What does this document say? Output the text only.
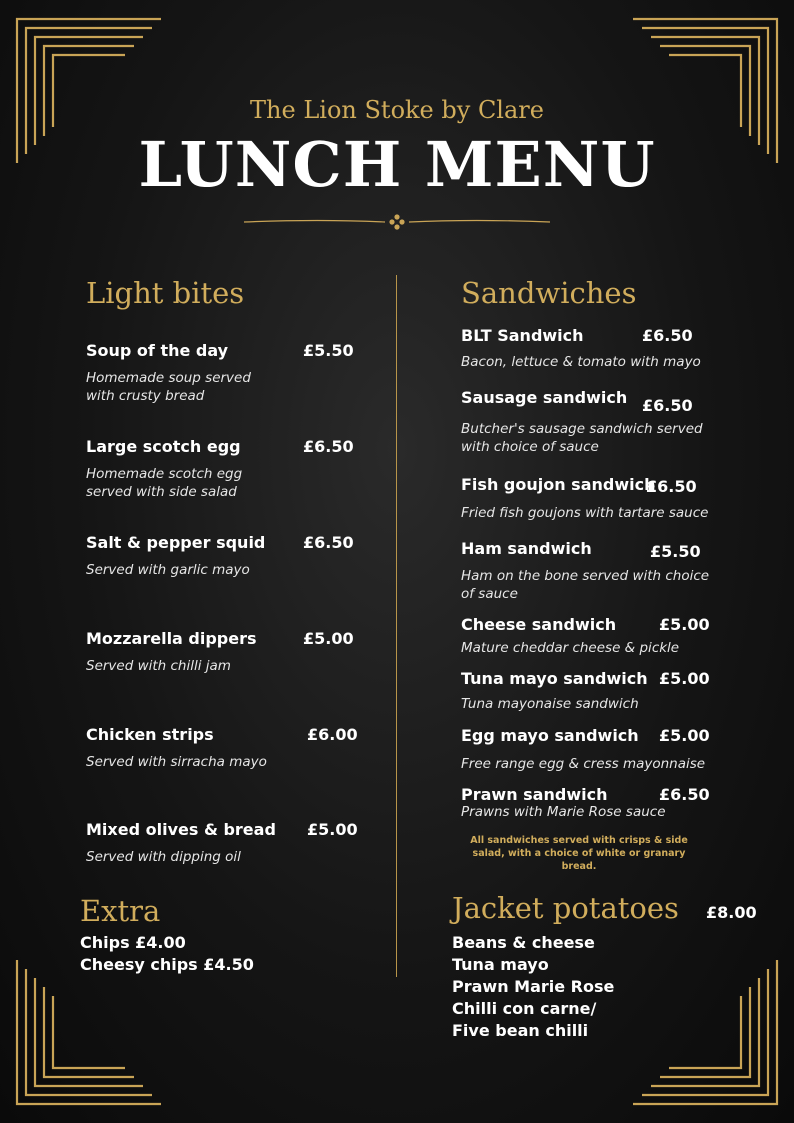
The Lion Stoke by Clare
LUNCH MENU
Light bites
Soup of the day	£5.50
Homemade soup served with crusty bread
Large scotch egg	£6.50
Homemade scotch egg served with side salad
Salt & pepper squid £6.50
Served with garlic mayo
Mozzarella dippers	£5.00
Served with chilli jam
Chicken strips	£6.00
Served with sirracha mayo
Mixed olives & bread £5.00
Served with dipping oil
Sandwiches
BLT Sandwich	£6.50
Bacon, lettuce & tomato with mayo
Sausage sandwich £6.50
Butcher's sausage sandwich served with choice of sauce
Fish goujon sandwich
£6.50
Fried fish goujons with tartare sauce
Ham sandwich	£5.50
Ham on the bone served with choice of sauce
Cheese sandwich	£5.00
Mature cheddar cheese & pickle
Tuna mayo sandwich £5.00
Tuna mayonaise sandwich
Egg mayo sandwich £5.00
Free range egg & cress mayonnaise
Prawn sandwich	£6.50
Prawns with Marie Rose sauce
All sandwiches served with crisps & side salad, with a choice of white or granary bread.
Extra
Chips £4.00
Cheesy chips £4.50
Jacket potatoes £8.00
Beans & cheese
Tuna mayo
Prawn Marie Rose
Chilli con carne/
Five bean chilli
